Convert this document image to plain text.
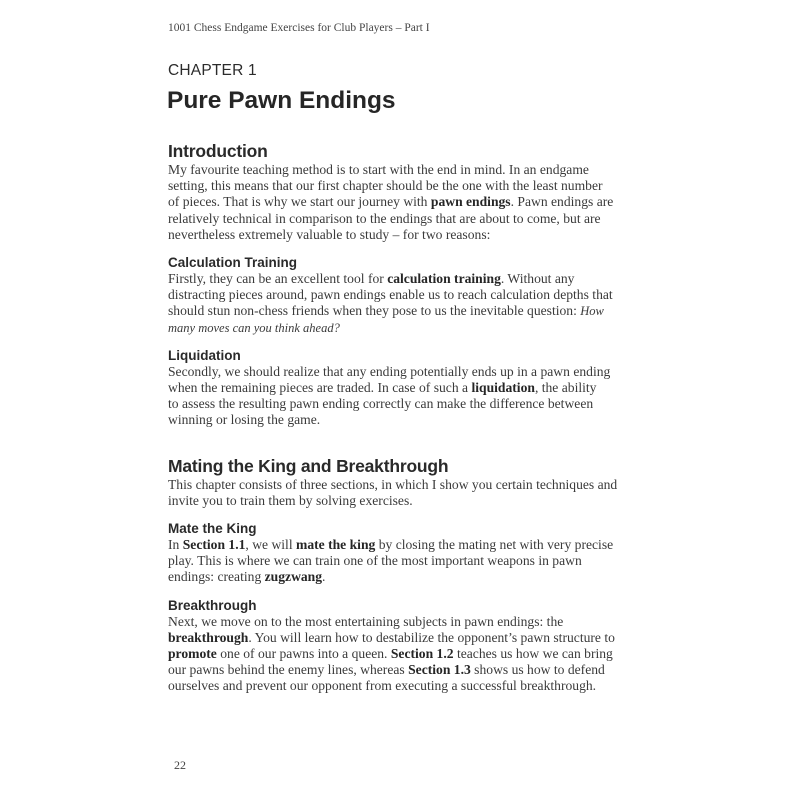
1001 Chess Endgame Exercises for Club Players – Part I
CHAPTER 1
Pure Pawn Endings
Introduction

My favourite teaching method is to start with the end in mind. In an endgame
setting, this means that our first chapter should be the one with the least number
of pieces. That is why we start our journey with pawn endings. Pawn endings are
relatively technical in comparison to the endings that are about to come, but are
nevertheless extremely valuable to study – for two reasons:

Calculation Training

Firstly, they can be an excellent tool for calculation training. Without any
distracting pieces around, pawn endings enable us to reach calculation depths that
should stun non-chess friends when they pose to us the inevitable question: How
many moves can you think ahead?

Liquidation

Secondly, we should realize that any ending potentially ends up in a pawn ending
when the remaining pieces are traded. In case of such a liquidation, the ability
to assess the resulting pawn ending correctly can make the difference between
winning or losing the game.

Mating the King and Breakthrough

This chapter consists of three sections, in which I show you certain techniques and
invite you to train them by solving exercises.

Mate the King

In Section 1.1, we will mate the king by closing the mating net with very precise
play. This is where we can train one of the most important weapons in pawn
endings: creating zugzwang.

Breakthrough

Next, we move on to the most entertaining subjects in pawn endings: the
breakthrough. You will learn how to destabilize the opponent’s pawn structure to
promote one of our pawns into a queen. Section 1.2 teaches us how we can bring
our pawns behind the enemy lines, whereas Section 1.3 shows us how to defend
ourselves and prevent our opponent from executing a successful breakthrough.

22
